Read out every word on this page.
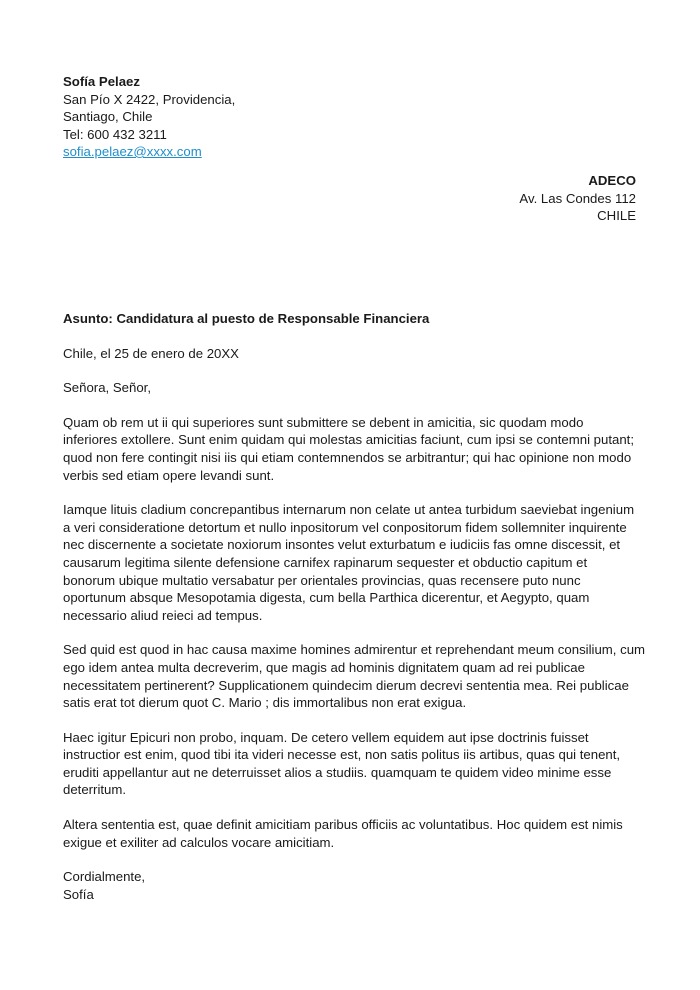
Sofía Pelaez
San Pío X 2422, Providencia,
Santiago, Chile
Tel: 600 432 3211
sofia.pelaez@xxxx.com
ADECO
Av. Las Condes 112
CHILE

Asunto: Candidatura al puesto de Responsable Financiera

Chile, el 25 de enero de 20XX

Señora, Señor,

Quam ob rem ut ii qui superiores sunt submittere se debent in amicitia, sic quodam modo
inferiores extollere. Sunt enim quidam qui molestas amicitias faciunt, cum ipsi se contemni putant;
quod non fere contingit nisi iis qui etiam contemnendos se arbitrantur; qui hac opinione non modo
verbis sed etiam opere levandi sunt.

Iamque lituis cladium concrepantibus internarum non celate ut antea turbidum saeviebat ingenium
a veri consideratione detortum et nullo inpositorum vel conpositorum fidem sollemniter inquirente
nec discernente a societate noxiorum insontes velut exturbatum e iudiciis fas omne discessit, et
causarum legitima silente defensione carnifex rapinarum sequester et obductio capitum et
bonorum ubique multatio versabatur per orientales provincias, quas recensere puto nunc
oportunum absque Mesopotamia digesta, cum bella Parthica dicerentur, et Aegypto, quam
necessario aliud reieci ad tempus.

Sed quid est quod in hac causa maxime homines admirentur et reprehendant meum consilium, cum
ego idem antea multa decreverim, que magis ad hominis dignitatem quam ad rei publicae
necessitatem pertinerent? Supplicationem quindecim dierum decrevi sententia mea. Rei publicae
satis erat tot dierum quot C. Mario ; dis immortalibus non erat exigua.

Haec igitur Epicuri non probo, inquam. De cetero vellem equidem aut ipse doctrinis fuisset
instructior est enim, quod tibi ita videri necesse est, non satis politus iis artibus, quas qui tenent,
eruditi appellantur aut ne deterruisset alios a studiis. quamquam te quidem video minime esse
deterritum.

Altera sententia est, quae definit amicitiam paribus officiis ac voluntatibus. Hoc quidem est nimis
exigue et exiliter ad calculos vocare amicitiam.

Cordialmente,

Sofía
